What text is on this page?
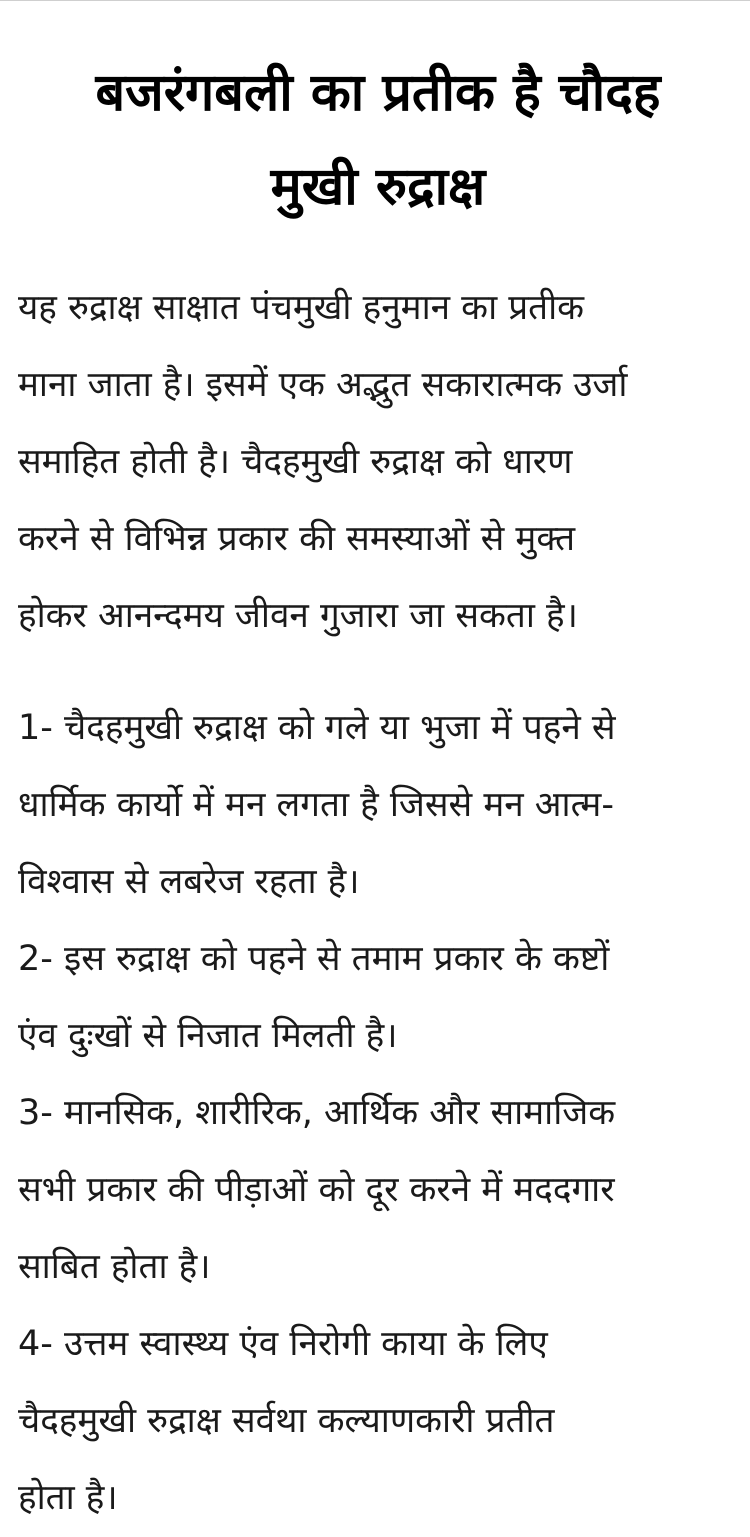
बजरंगबली का प्रतीक है चौदह
मुखी रुद्राक्ष
यह रुद्राक्ष साक्षात पंचमुखी हनुमान का प्रतीक
माना जाता है। इसमें एक अद्भुत सकारात्मक उर्जा
समाहित होती है। चैदहमुखी रुद्राक्ष को धारण
करने से विभिन्न प्रकार की समस्याओं से मुक्त
होकर आनन्दमय जीवन गुजारा जा सकता है।
1- चैदहमुखी रुद्राक्ष को गले या भुजा में पहने से
धार्मिक कार्यो में मन लगता है जिससे मन आत्म-
विश्वास से लबरेज रहता है।
2- इस रुद्राक्ष को पहने से तमाम प्रकार के कष्टों
एंव दुःखों से निजात मिलती है।
3- मानसिक, शारीरिक, आर्थिक और सामाजिक
सभी प्रकार की पीड़ाओं को दूर करने में मददगार
साबित होता है।
4- उत्तम स्वास्थ्य एंव निरोगी काया के लिए
चैदहमुखी रुद्राक्ष सर्वथा कल्याणकारी प्रतीत
होता है।
